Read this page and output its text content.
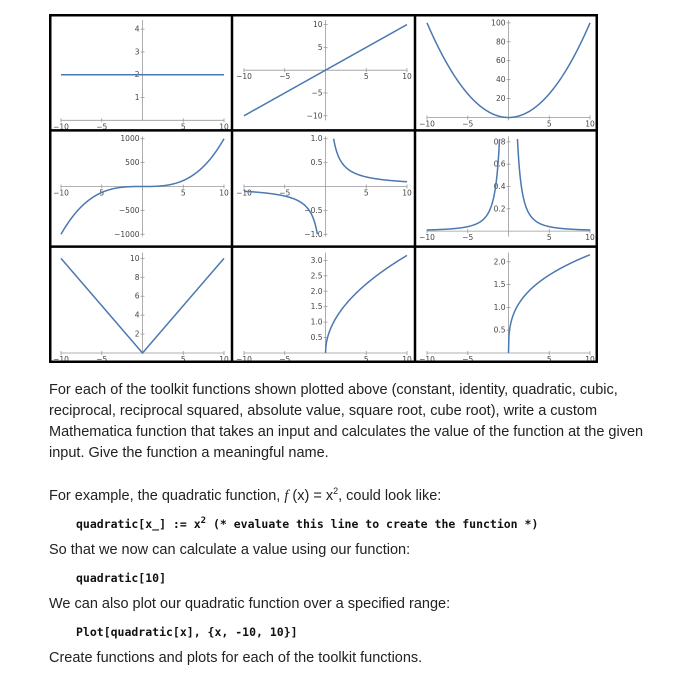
−10	−5	5	10
1
2
3
4
−10	−5	5	10
−10
−5
5
10
−10	−5	5	10
20
40
60
80
100
−10	5	5	10
−1000
−500
500
1000
−10	−5	5	10
−1.0
−0.5
0.5
1.0
−10	−5	5	10
0.2
0.4
0.6
0.8
−10	−5	5	10
2
4
6
8
10
−10	−5	5	10
0.5
1.0
1.5
2.0
2.5
3.0
−10	−5	5	10
0.5
1.0
1.5
2.0

For each of the toolkit functions shown plotted above (constant, identity, quadratic, cubic, reciprocal, reciprocal squared, absolute value, square root, cube root), write a custom Mathematica function that takes an input and calculates the value of the function at the given input. Give the function a meaningful name.

For example, the quadratic function, f $(x) = x^2$, could look like:

quadratic[x_] := $x^2$ (* evaluate this line to create the function *)

So that we now can calculate a value using our function:

quadratic[10]

We can also plot our quadratic function over a specified range:

Plot[quadratic[x], {x, -10, 10}]

Create functions and plots for each of the toolkit functions.
